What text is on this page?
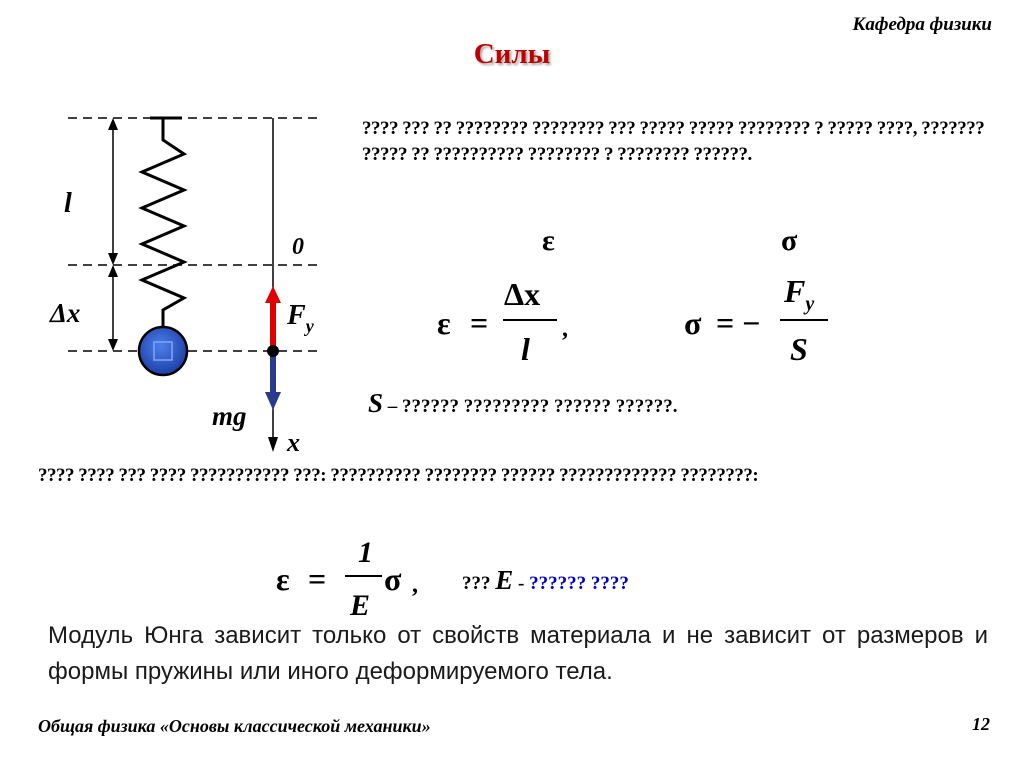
Кафедра физики
Силы
l
Δx
0
$F_y$
mg
x
???? ??? ?? ???????? ???????? ??? ????? ????? ???????? ? ????? ????, ??????? ????? ?? ?????????? ???????? ? ???????? ??????.
ε	σ
ε =
Δx
l
,	σ = −
$F_y$
S
S – ?????? ????????? ?????? ??????.
???? ???? ??? ???? ??????????? ???: ?????????? ???????? ?????? ????????????? ????????:
ε =
1
E
σ , ??? E - ?????? ????
Модуль Юнга зависит только от свойств материала и не зависит от размеров и формы пружины или иного деформируемого тела.
Общая физика «Основы классической механики»	12
